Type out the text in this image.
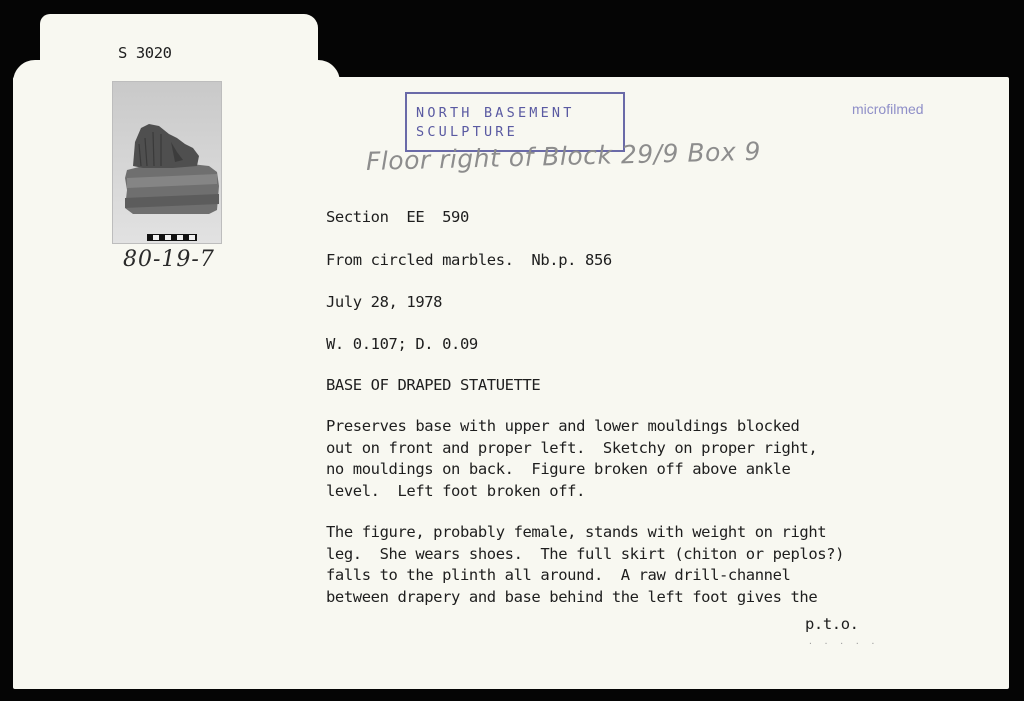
S 3020
80-19-7
NORTH BASEMENT
SCULPTURE
microfilmed
Floor right of Block 29/9 Box 9
Section  EE  590
From circled marbles.  Nb.p. 856
July 28, 1978
W. 0.107; D. 0.09
BASE OF DRAPED STATUETTE
Preserves base with upper and lower mouldings blocked
out on front and proper left.  Sketchy on proper right,
no mouldings on back.  Figure broken off above ankle
level.  Left foot broken off.
The figure, probably female, stands with weight on right
leg.  She wears shoes.  The full skirt (chiton or peplos?)
falls to the plinth all around.  A raw drill-channel
between drapery and base behind the left foot gives the
p.t.o.
. . . . .
